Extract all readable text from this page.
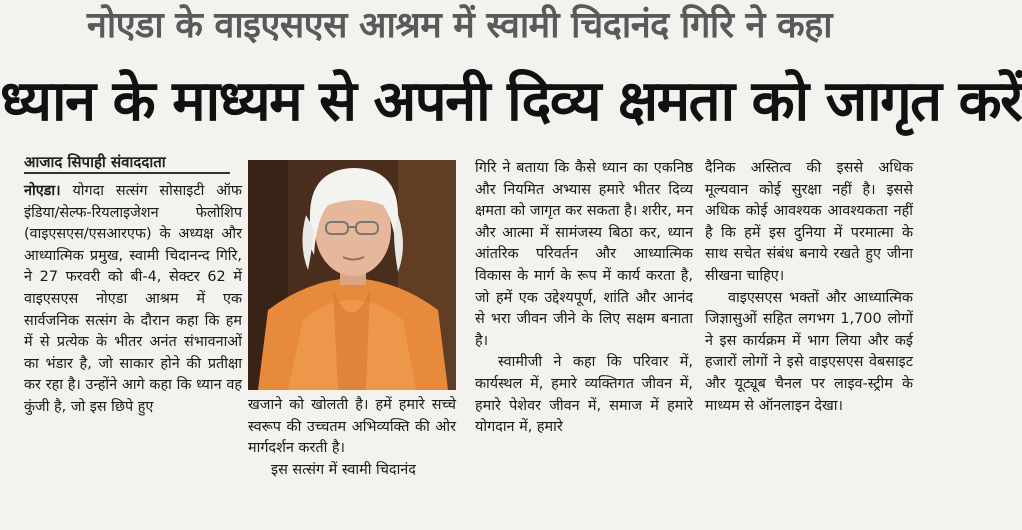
नोएडा के वाइएसएस आश्रम में स्वामी चिदानंद गिरि ने कहा
ध्यान के माध्यम से अपनी दिव्य क्षमता को जागृत करें
आजाद सिपाही संवाददाता

नोएडा। योगदा सत्संग सोसाइटी ऑफ इंडिया/सेल्फ-रियलाइजेशन फेलोशिप (वाइएसएस/एसआरएफ) के अध्यक्ष और आध्यात्मिक प्रमुख, स्वामी चिदानन्द गिरि, ने 27 फरवरी को बी-4, सेक्टर 62 में वाइएसएस नोएडा आश्रम में एक सार्वजनिक सत्संग के दौरान कहा कि हम में से प्रत्येक के भीतर अनंत संभावनाओं का भंडार है, जो साकार होने की प्रतीक्षा कर रहा है। उन्होंने आगे कहा कि ध्यान वह कुंजी है, जो इस छिपे हुए	खजाने को खोलती है। हमें हमारे सच्चे स्वरूप की उच्चतम अभिव्यक्ति की ओर मार्गदर्शन करती है।

इस सत्संग में स्वामी चिदानंद

गिरि ने बताया कि कैसे ध्यान का एकनिष्ठ और नियमित अभ्यास हमारे भीतर दिव्य क्षमता को जागृत कर सकता है। शरीर, मन और आत्मा में सामंजस्य बिठा कर, ध्यान आंतरिक परिवर्तन और आध्यात्मिक विकास के मार्ग के रूप में कार्य करता है, जो हमें एक उद्देश्यपूर्ण, शांति और आनंद से भरा जीवन जीने के लिए सक्षम बनाता है।

स्वामीजी ने कहा कि परिवार में, कार्यस्थल में, हमारे व्यक्तिगत जीवन में, हमारे पेशेवर जीवन में, समाज में हमारे योगदान में, हमारे

दैनिक अस्तित्व की इससे अधिक मूल्यवान कोई सुरक्षा नहीं है। इससे अधिक कोई आवश्यक आवश्यकता नहीं है कि हमें इस दुनिया में परमात्मा के साथ सचेत संबंध बनाये रखते हुए जीना सीखना चाहिए।

वाइएसएस भक्तों और आध्यात्मिक जिज्ञासुओं सहित लगभग 1,700 लोगों ने इस कार्यक्रम में भाग लिया और कई हजारों लोगों ने इसे वाइएसएस वेबसाइट और यूट्यूब चैनल पर लाइव-स्ट्रीम के माध्यम से ऑनलाइन देखा।
